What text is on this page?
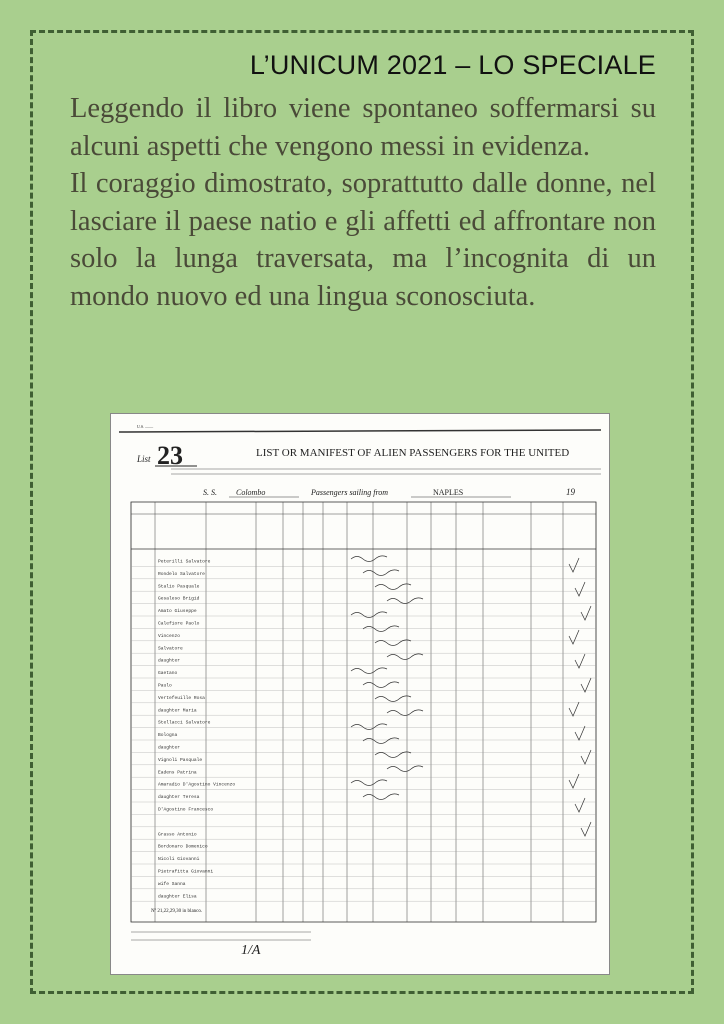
L’UNICUM 2021 – LO SPECIALE

Leggendo il libro viene spontaneo soffermarsi su alcuni aspetti che vengono messi in evidenza.

Il coraggio dimostrato, soprattutto dalle donne, nel lasciare il paese natio e gli affetti ed affrontare non solo la lunga traversata, ma l’incognita di un mondo nuovo ed una lingua sconosciuta.

U.S. ——
List 23	LIST OR MANIFEST OF ALIEN PASSENGERS FOR THE UNITED
S. S. Colombo	Passengers sailing from	NAPLES	19
Peterilli Salvatore
Rondelo Salvatore
Stalio Pasquale
Gesaleso Brigid
Amato Giuseppe
Calefiore Paolo
Vincenzo
Salvatore
daughter
Gaetano
Paulo
Vertefeuille Rosa
daughter Maria
Stellacci Salvatore
Bologna
daughter
Vignoli Pasquale
Eadens Patrina
Amaradio D'Agostino Vincenzo
daughter Teresa
D'Agostino Francesco
Grasso Antonio
Bordonaro Domenico
Nicoli Giovanni
Pietrafitta Giovanni
wife Sanna
daughter Elisa
Nº 21,22,29,30 in blanco.
1/A
